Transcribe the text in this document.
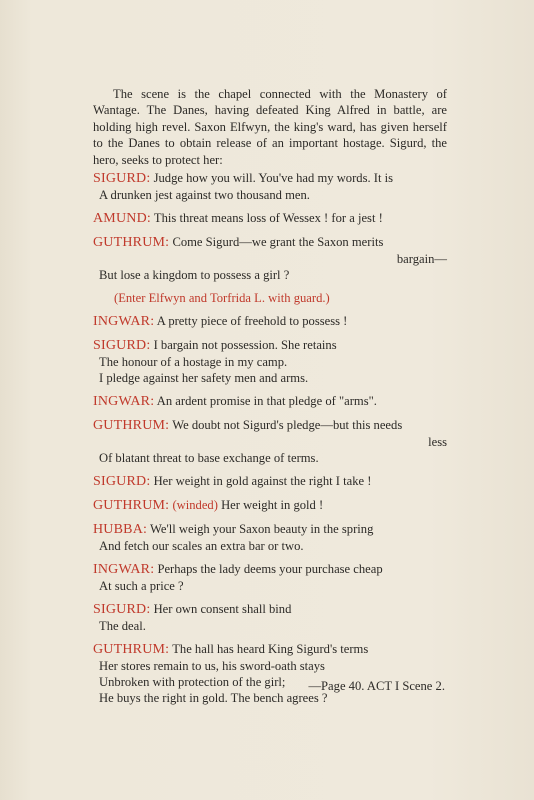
The scene is the chapel connected with the Monastery of Wantage. The Danes, having defeated King Alfred in battle, are holding high revel. Saxon Elfwyn, the king's ward, has given herself to the Danes to obtain release of an important hostage. Sigurd, the hero, seeks to protect her:

SIGURD: Judge how you will. You've had my words. It is
A drunken jest against two thousand men.
AMUND: This threat means loss of Wessex ! for a jest !
GUTHRUM: Come Sigurd—we grant the Saxon merits
bargain—
But lose a kingdom to possess a girl ?
(Enter Elfwyn and Torfrida L. with guard.)
INGWAR: A pretty piece of freehold to possess !
SIGURD: I bargain not possession. She retains
The honour of a hostage in my camp.
I pledge against her safety men and arms.
INGWAR: An ardent promise in that pledge of "arms".
GUTHRUM: We doubt not Sigurd's pledge—but this needs
less
Of blatant threat to base exchange of terms.
SIGURD: Her weight in gold against the right I take !
GUTHRUM: (winded) Her weight in gold !
HUBBA: We'll weigh your Saxon beauty in the spring
And fetch our scales an extra bar or two.
INGWAR: Perhaps the lady deems your purchase cheap
At such a price ?
SIGURD: Her own consent shall bind
The deal.
GUTHRUM: The hall has heard King Sigurd's terms
Her stores remain to us, his sword-oath stays
Unbroken with protection of the girl;
He buys the right in gold. The bench agrees ?
—Page 40. ACT I Scene 2.
